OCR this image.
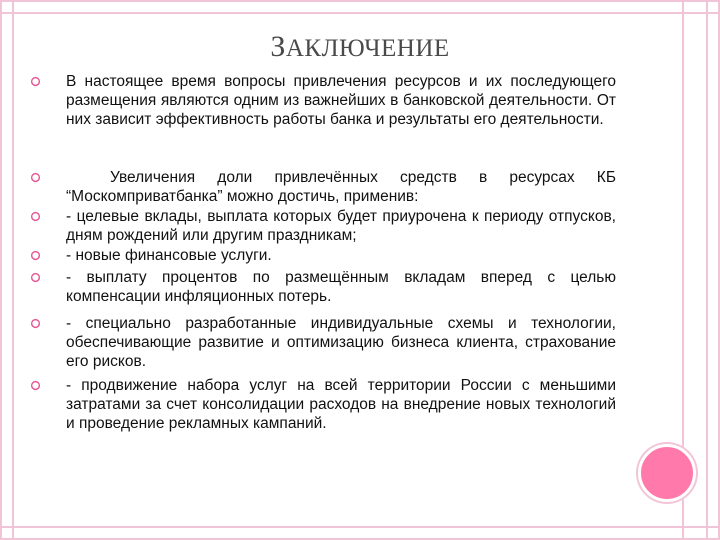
ЗАКЛЮЧЕНИЕ
В настоящее время вопросы привлечения ресурсов и их последующего размещения являются одним из важнейших в банковской деятельности. От них зависит эффективность работы банка и результаты его деятельности.
Увеличения доли привлечённых средств в ресурсах КБ “Москомприватбанка” можно достичь, применив:
- целевые вклады, выплата которых будет приурочена к периоду отпусков, дням рождений или другим праздникам;
- новые финансовые услуги.
- выплату процентов по размещённым вкладам вперед с целью компенсации инфляционных потерь.
- специально разработанные индивидуальные схемы и технологии, обеспечивающие развитие и оптимизацию бизнеса клиента, страхование его рисков.
- продвижение набора услуг на всей территории России с меньшими затратами за счет консолидации расходов на внедрение новых технологий и проведение рекламных кампаний.
